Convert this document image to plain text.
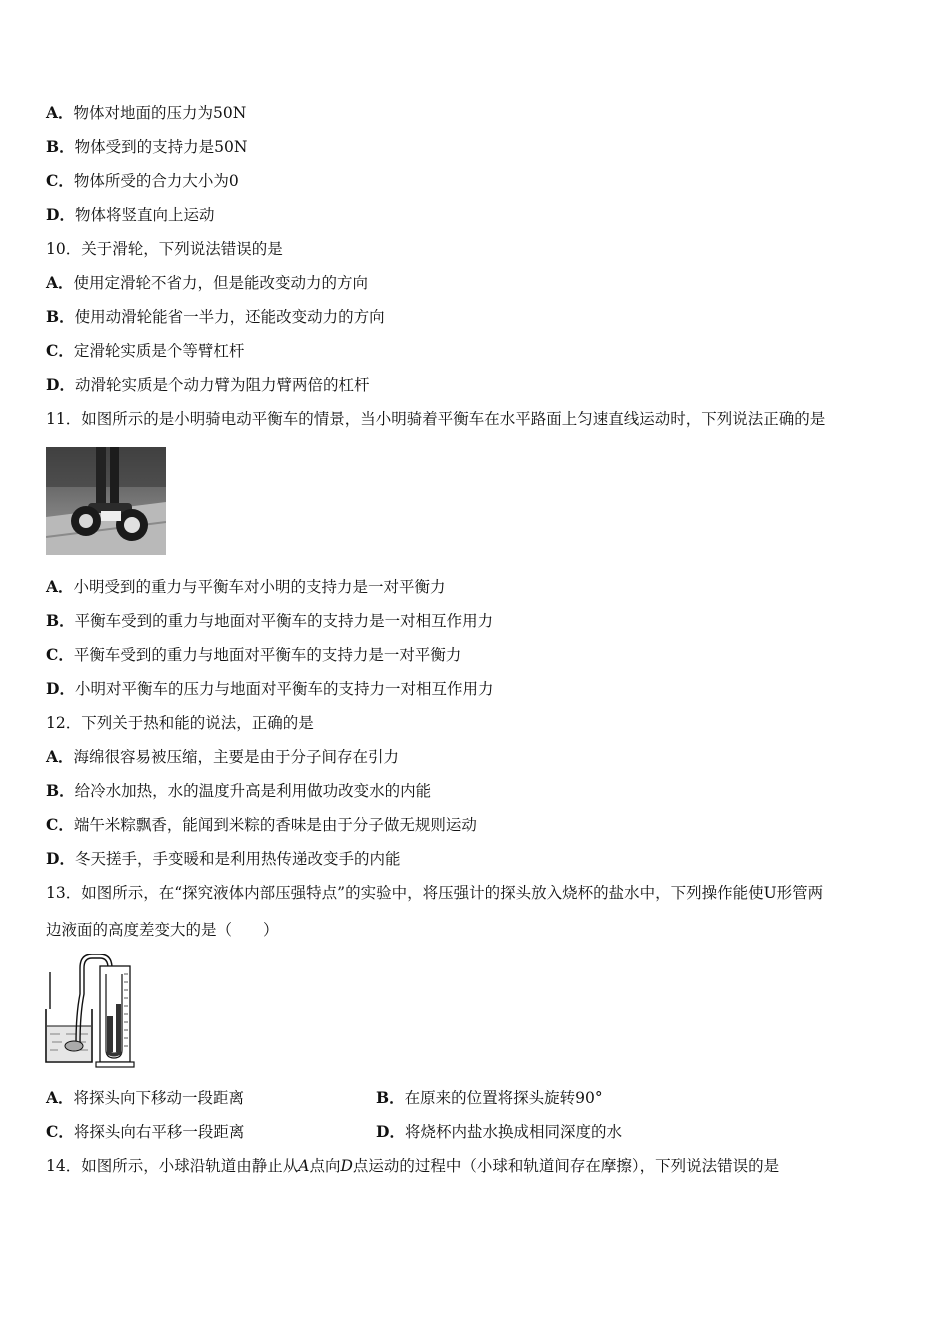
A．物体对地面的压力为50N
B．物体受到的支持力是50N
C．物体所受的合力大小为0
D．物体将竖直向上运动
10．关于滑轮，下列说法错误的是
A．使用定滑轮不省力，但是能改变动力的方向
B．使用动滑轮能省一半力，还能改变动力的方向
C．定滑轮实质是个等臂杠杆
D．动滑轮实质是个动力臂为阻力臂两倍的杠杆
11．如图所示的是小明骑电动平衡车的情景，当小明骑着平衡车在水平路面上匀速直线运动时，下列说法正确的是
A．小明受到的重力与平衡车对小明的支持力是一对平衡力
B．平衡车受到的重力与地面对平衡车的支持力是一对相互作用力
C．平衡车受到的重力与地面对平衡车的支持力是一对平衡力
D．小明对平衡车的压力与地面对平衡车的支持力一对相互作用力
12．下列关于热和能的说法，正确的是
A．海绵很容易被压缩，主要是由于分子间存在引力
B．给冷水加热，水的温度升高是利用做功改变水的内能
C．端午米粽飘香，能闻到米粽的香味是由于分子做无规则运动
D．冬天搓手，手变暖和是利用热传递改变手的内能
13．如图所示，在“探究液体内部压强特点”的实验中，将压强计的探头放入烧杯的盐水中，下列操作能使U形管两
边液面的高度差变大的是（　　）
A．将探头向下移动一段距离	B．在原来的位置将探头旋转90°
C．将探头向右平移一段距离	D．将烧杯内盐水换成相同深度的水
14．如图所示，小球沿轨道由静止从A点向D点运动的过程中（小球和轨道间存在摩擦），下列说法错误的是
